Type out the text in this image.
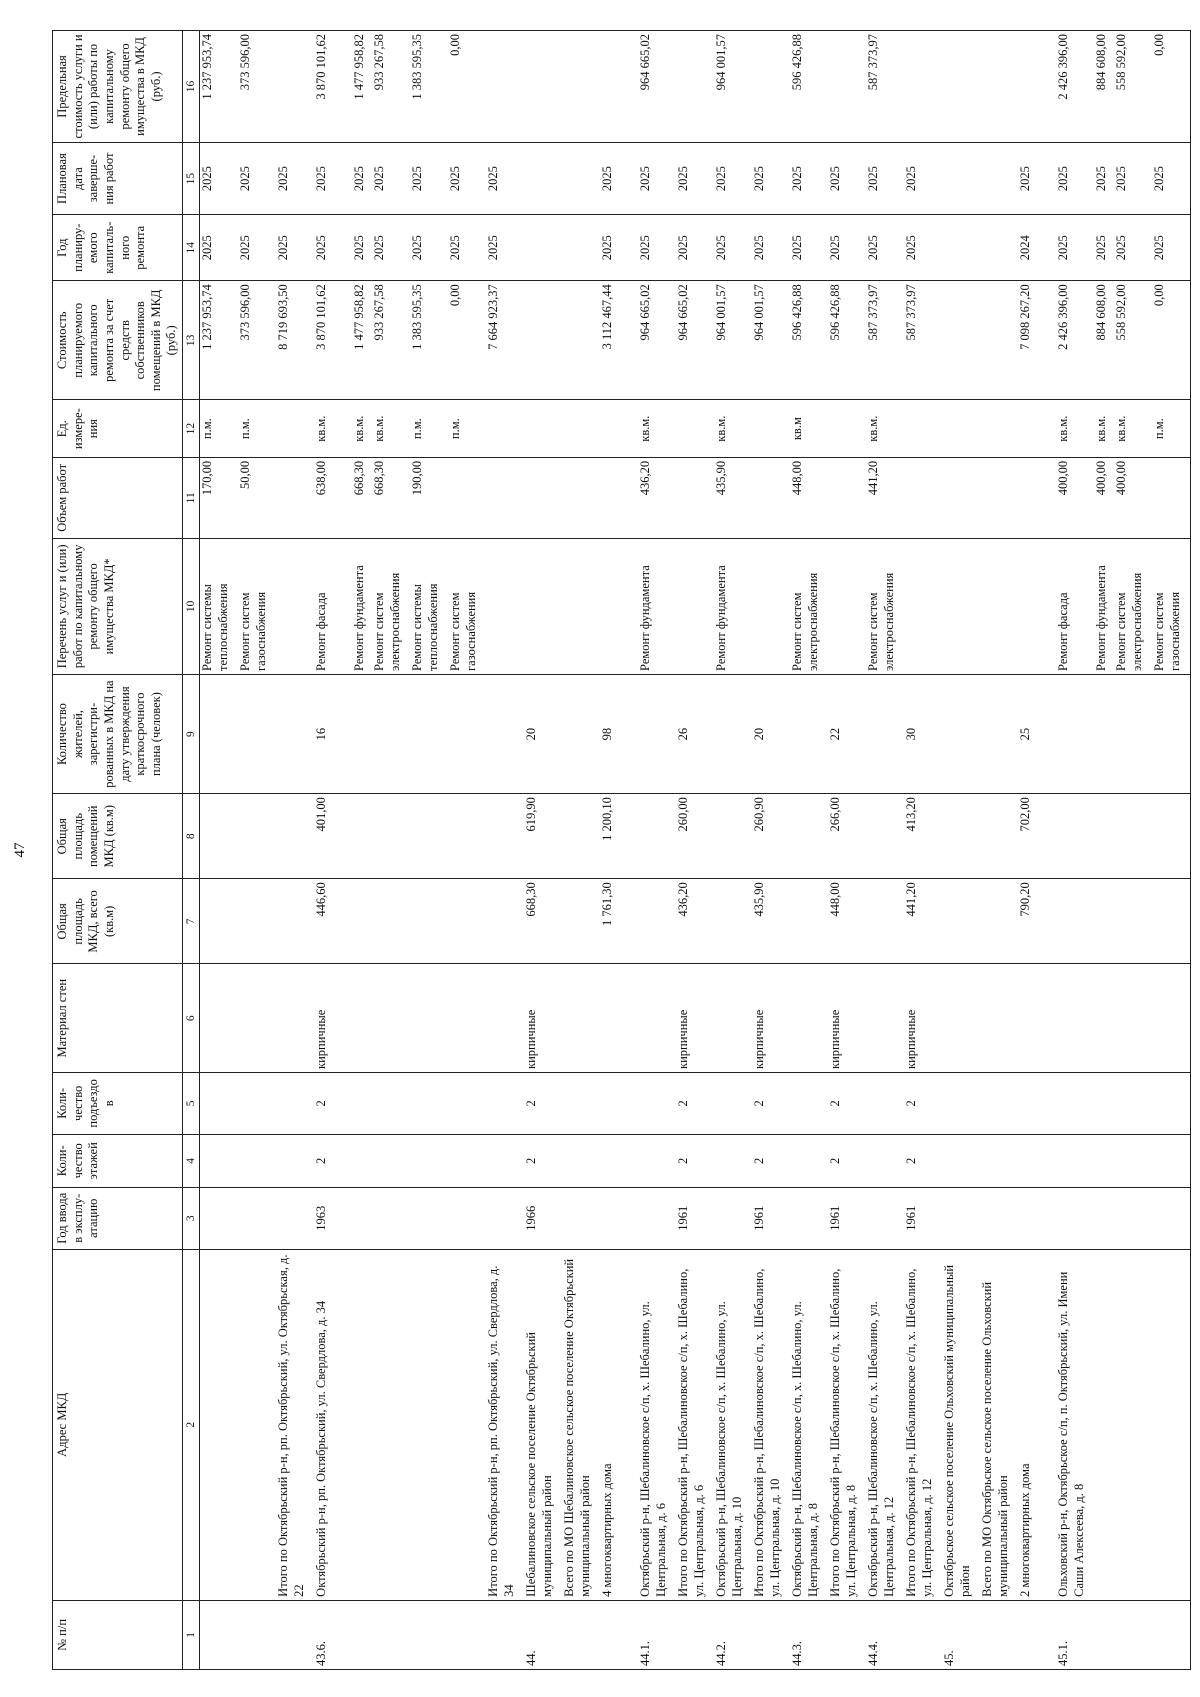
47
№ п/п	Адрес МКД	Год ввода в эксплу-атацию	Коли-чество этажей	Коли-чество подъездо в	Материал стен	Общая площадь МКД, всего (кв.м)	Общая площадь помещений МКД (кв.м)	Количество жителей, зарегистри-рованных в МКД на дату утверждения краткосрочного плана (человек)	Перечень услуг и (или) работ по капитальному ремонту общего имущества МКД*	Объем работ	Ед. измере-ния	Стоимость планируемого капитального ремонта за счет средств собственников помещений в МКД (руб.)	Год планиру-емого капиталь-ного ремонта	Плановая дата заверше-ния работ	Предельная стоимость услуги и (или) работы по капитальному ремонту общего имущества в МКД (руб.)
1	2	3	4	5	6	7	8	9	10	11	12	13	14	15	16
									Ремонт системы теплоснабжения	170,00	п.м.	1 237 953,74	2025	2025	1 237 953,74
									Ремонт систем газоснабжения	50,00	п.м.	373 596,00	2025	2025	373 596,00
	Итого по Октябрьский р-н, рп. Октябрьский, ул. Октябрьская, д. 22											8 719 693,50	2025	2025	
43.6.	Октябрьский р-н, рп. Октябрьский, ул. Свердлова, д. 34	1963	2	2	кирпичные	446,60	401,00	16	Ремонт фасада	638,00	кв.м.	3 870 101,62	2025	2025	3 870 101,62
									Ремонт фундамента	668,30	кв.м.	1 477 958,82	2025	2025	1 477 958,82
									Ремонт систем электроснабжения	668,30	кв.м.	933 267,58	2025	2025	933 267,58
									Ремонт системы теплоснабжения	190,00	п.м.	1 383 595,35	2025	2025	1 383 595,35
									Ремонт систем газоснабжения		п.м.	0,00	2025	2025	0,00
	Итого по Октябрьский р-н, рп. Октябрьский, ул. Свердлова, д. 34											7 664 923,37	2025	2025	
44.	Шебалиновское сельское поселение Октябрьский муниципальный район	1966	2	2	кирпичные	668,30	619,90	20							
	Всего по МО Шебалиновское сельское поселение Октябрьский муниципальный район														
	4 многоквартирных дома					1 761,30	1 200,10	98				3 112 467,44	2025	2025	
44.1.	Октябрьский р-н, Шебалиновское с/п, х. Шебалино, ул. Центральная, д. 6								Ремонт фундамента	436,20	кв.м.	964 665,02	2025	2025	964 665,02
	Итого по Октябрьский р-н, Шебалиновское с/п, х. Шебалино, ул. Центральная, д. 6	1961	2	2	кирпичные	436,20	260,00	26				964 665,02	2025	2025	
44.2.	Октябрьский р-н, Шебалиновское с/п, х. Шебалино, ул. Центральная, д. 10								Ремонт фундамента	435,90	кв.м.	964 001,57	2025	2025	964 001,57
	Итого по Октябрьский р-н, Шебалиновское с/п, х. Шебалино, ул. Центральная, д. 10	1961	2	2	кирпичные	435,90	260,90	20				964 001,57	2025	2025	
44.3.	Октябрьский р-н, Шебалиновское с/п, х. Шебалино, ул. Центральная, д. 8								Ремонт систем электроснабжения	448,00	кв.м	596 426,88	2025	2025	596 426,88
	Итого по Октябрьский р-н, Шебалиновское с/п, х. Шебалино, ул. Центральная, д. 8	1961	2	2	кирпичные	448,00	266,00	22				596 426,88	2025	2025	
44.4.	Октябрьский р-н, Шебалиновское с/п, х. Шебалино, ул. Центральная, д. 12								Ремонт систем электроснабжения	441,20	кв.м.	587 373,97	2025	2025	587 373,97
	Итого по Октябрьский р-н, Шебалиновское с/п, х. Шебалино, ул. Центральная, д. 12	1961	2	2	кирпичные	441,20	413,20	30				587 373,97	2025	2025	
45.	Октябрьское сельское поселение Ольховский муниципальный район														
	Всего по МО Октябрьское сельское поселение Ольховский муниципальный район														
	2 многоквартирных дома					790,20	702,00	25				7 098 267,20	2024	2025	
45.1.	Ольховский р-н, Октябрьское с/п, п. Октябрьский, ул. Имени Саши Алексеева, д. 8								Ремонт фасада	400,00	кв.м.	2 426 396,00	2025	2025	2 426 396,00
									Ремонт фундамента	400,00	кв.м.	884 608,00	2025	2025	884 608,00
									Ремонт систем электроснабжения	400,00	кв.м.	558 592,00	2025	2025	558 592,00
									Ремонт систем газоснабжения		п.м.	0,00	2025	2025	0,00
